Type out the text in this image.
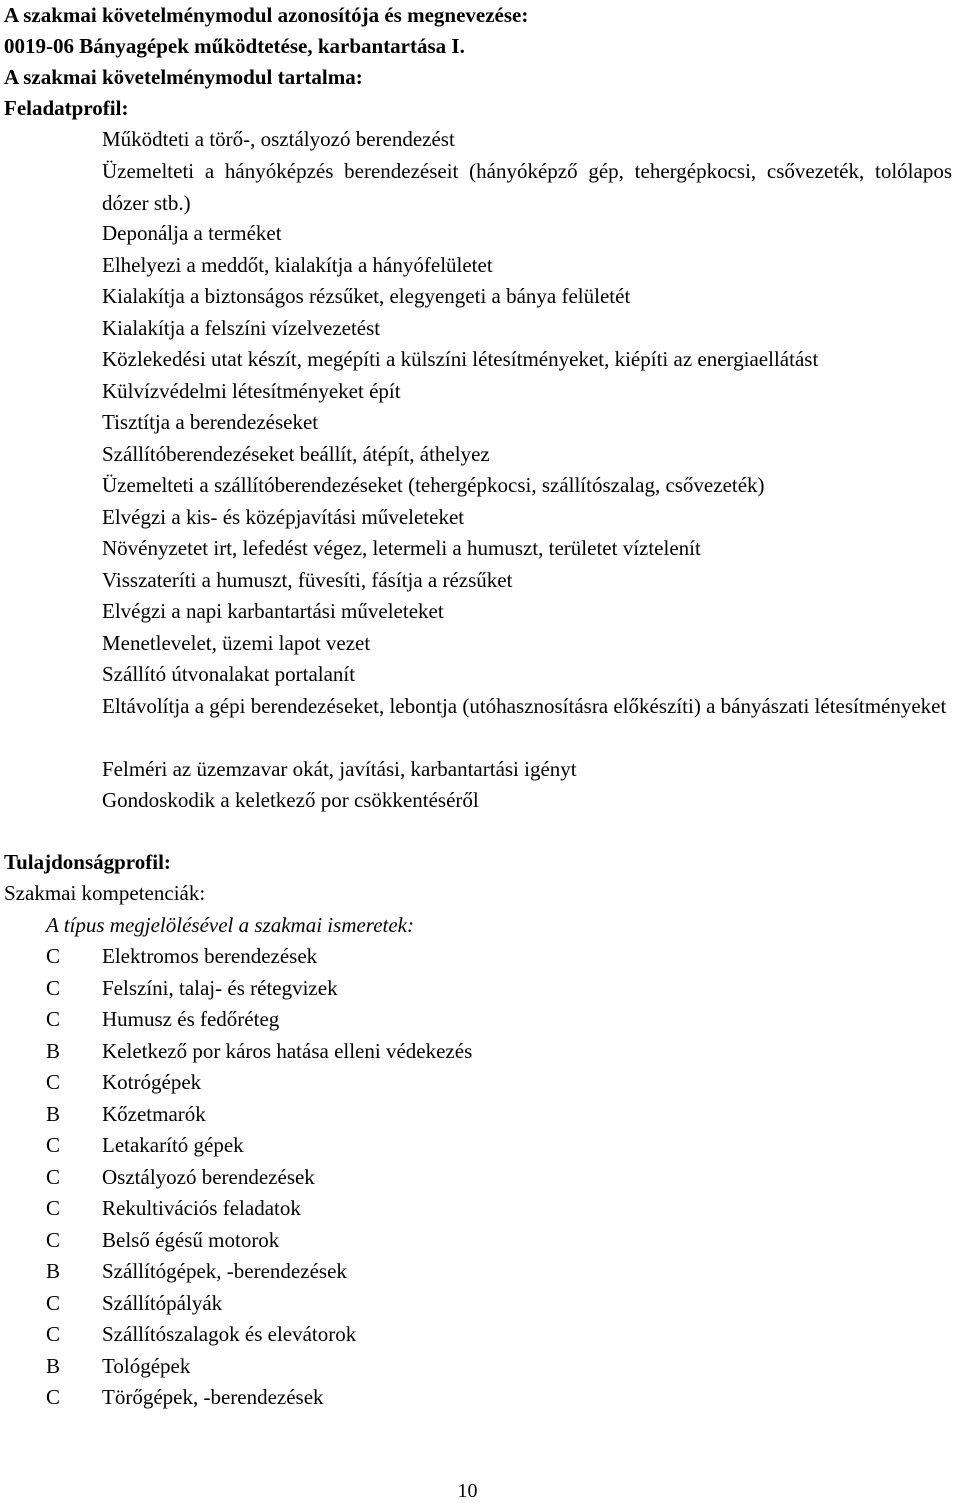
A szakmai követelménymodul azonosítója és megnevezése:
0019-06 Bányagépek működtetése, karbantartása I.
A szakmai követelménymodul tartalma:
Feladatprofil:
Működteti a törő-, osztályozó berendezést
Üzemelteti a hányóképzés berendezéseit (hányóképző gép, tehergépkocsi, csővezeték, tolólapos dózer stb.)
Deponálja a terméket
Elhelyezi a meddőt, kialakítja a hányófelületet
Kialakítja a biztonságos rézsűket, elegyengeti a bánya felületét
Kialakítja a felszíni vízelvezetést
Közlekedési utat készít, megépíti a külszíni létesítményeket, kiépíti az energiaellátást
Külvízvédelmi létesítményeket épít
Tisztítja a berendezéseket
Szállítóberendezéseket beállít, átépít, áthelyez
Üzemelteti a szállítóberendezéseket (tehergépkocsi, szállítószalag, csővezeték)
Elvégzi a kis- és középjavítási műveleteket
Növényzetet irt, lefedést végez, letermeli a humuszt, területet víztelenít
Visszateríti a humuszt, füvesíti, fásítja a rézsűket
Elvégzi a napi karbantartási műveleteket
Menetlevelet, üzemi lapot vezet
Szállító útvonalakat portalanít
Eltávolítja a gépi berendezéseket, lebontja (utóhasznosításra előkészíti) a bányászati létesítményeket
Felméri az üzemzavar okát, javítási, karbantartási igényt
Gondoskodik a keletkező por csökkentéséről
Tulajdonságprofil:
Szakmai kompetenciák:
A típus megjelölésével a szakmai ismeretek:
C Elektromos berendezések
C Felszíni, talaj- és rétegvizek
C Humusz és fedőréteg
B Keletkező por káros hatása elleni védekezés
C Kotrógépek
B Kőzetmarók
C Letakarító gépek
C Osztályozó berendezések
C Rekultivációs feladatok
C Belső égésű motorok
B Szállítógépek, -berendezések
C Szállítópályák
C Szállítószalagok és elevátorok
B Tológépek
C Törőgépek, -berendezések
10
